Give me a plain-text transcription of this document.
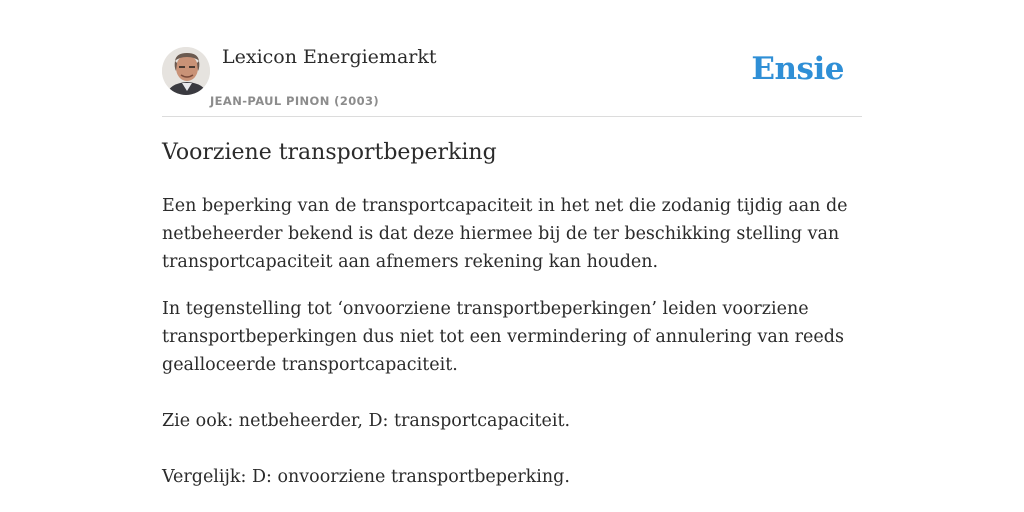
Lexicon Energiemarkt
JEAN-PAUL PINON (2003)
Ensie
Voorziene transportbeperking

Een beperking van de transportcapaciteit in het net die zodanig tijdig aan de netbeheerder bekend is dat deze hiermee bij de ter beschikking stelling van transportcapaciteit aan afnemers rekening kan houden.

In tegenstelling tot ‘onvoorziene transportbeperkingen’ leiden voorziene transportbeperkingen dus niet tot een vermindering of annulering van reeds gealloceerde transportcapaciteit.

Zie ook: netbeheerder, D: transportcapaciteit.

Vergelijk: D: onvoorziene transportbeperking.
